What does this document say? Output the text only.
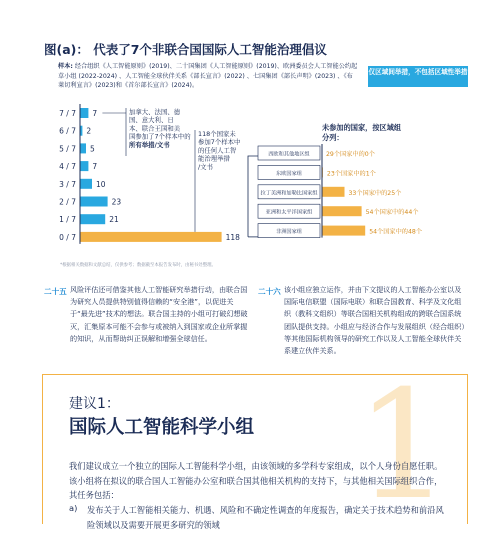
图(a)： 代表了7个非联合国国际人工智能治理倡议
样本: 经合组织《人工智能原则》(2019)、二十国集团《人工智能原则》(2019)、欧洲委员会人工智能公约起草小组 (2022-2024) 、人工智能全球伙伴关系《部长宣言》(2022) 、七国集团《部长声明》(2023) 、《布莱切利宣言》(2023)和《首尔部长宣言》(2024)。
仅区域间举措，不包括区域性举措
7 / 7 7
6 / 7 2
5 / 7 5
4 / 7 7
3 / 7	10
2 / 7	23
1 / 7	21
0 / 7	118
加拿大、法国、德
国、意大利、日
本、联合王国和美
国参加了7个样本中的
所有举措/文书
118个国家未
参加7个样本中
的任何人工智
能治理举措
/文书
未参加的国家，按区域组
分列：
西欧和其他地区组	29个国家中的0个
东欧国家组	23个国家中的1个
拉丁美洲和加勒比国家组	33个国家中的25个
亚洲和太平洋国家组	54个国家中的44个
非洲国家组	54个国家中的48个
*根据相关数据和文献总结，仅供参考；数据截至本报告发布时，由秘书处整理。
二十五 风险评估还可借鉴其他人工智能研究举措行动，由联合国为研究人员提供特别值得信赖的“安全港”，以促进关于“最先进”技术的想法。联合国主持的小组可打破幻想破灭，汇集原本可能不会参与或被纳入到国家或企业所掌握的知识，从而帮助纠正误解和增强全球信任。
二十六 该小组应独立运作，并由下文提议的人工智能办公室以及国际电信联盟（国际电联）和联合国教育、科学及文化组织（教科文组织）等联合国相关机构组成的跨联合国系统团队提供支持。小组应与经济合作与发展组织（经合组织）等其他国际机构领导的研究工作以及人工智能全球伙伴关系建立伙伴关系。
1
建议1：
国际人工智能科学小组
我们建议成立一个独立的国际人工智能科学小组，由该领域的多学科专家组成，以个人身份自愿任职。该小组将在拟议的联合国人工智能办公室和联合国其他相关机构的支持下，与其他相关国际组织合作，其任务包括：
a) 发布关于人工智能相关能力、机遇、风险和不确定性调查的年度报告，确定关于技术趋势和前沿风险领域以及需要开展更多研究的领域
